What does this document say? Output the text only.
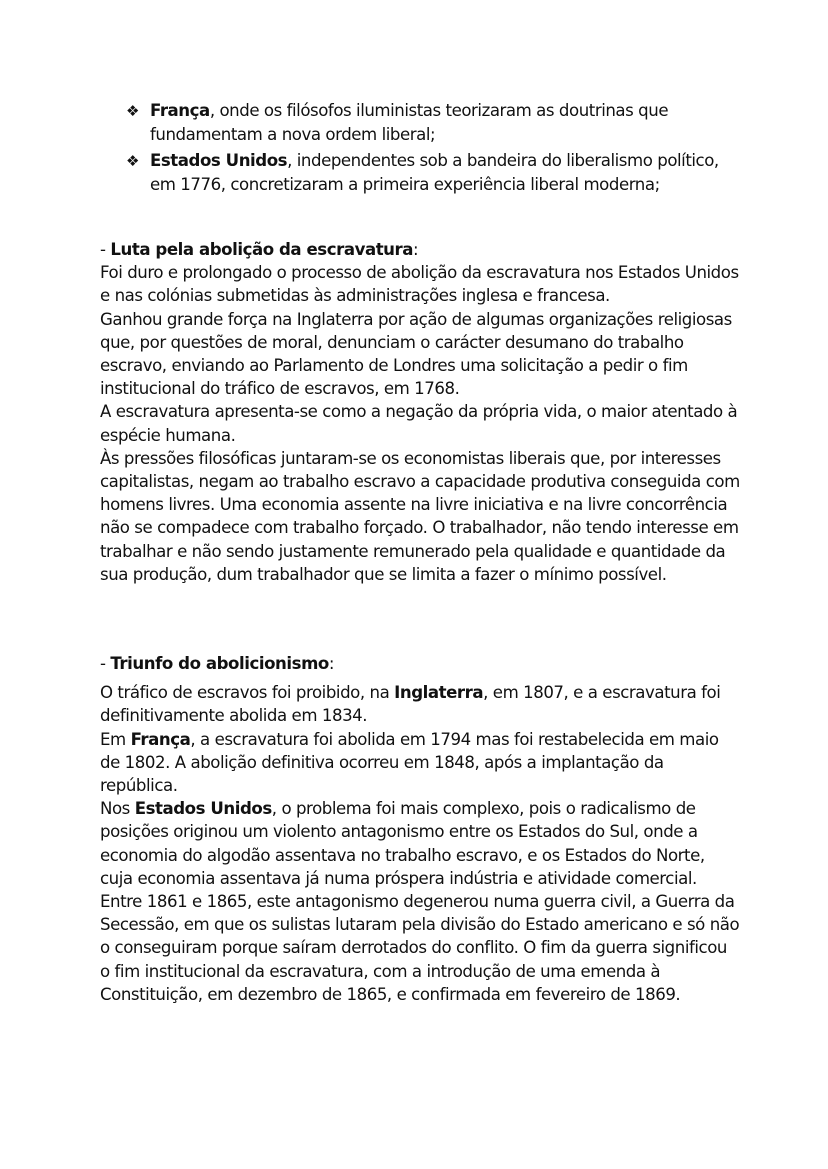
❖ França, onde os filósofos iluministas teorizaram as doutrinas que fundamentam a nova ordem liberal;
❖ Estados Unidos, independentes sob a bandeira do liberalismo político, em 1776, concretizaram a primeira experiência liberal moderna;

- Luta pela abolição da escravatura:

Foi duro e prolongado o processo de abolição da escravatura nos Estados Unidos e nas colónias submetidas às administrações inglesa e francesa.

Ganhou grande força na Inglaterra por ação de algumas organizações religiosas que, por questões de moral, denunciam o carácter desumano do trabalho escravo, enviando ao Parlamento de Londres uma solicitação a pedir o fim institucional do tráfico de escravos, em 1768.

A escravatura apresenta-se como a negação da própria vida, o maior atentado à espécie humana.

Às pressões filosóficas juntaram-se os economistas liberais que, por interesses capitalistas, negam ao trabalho escravo a capacidade produtiva conseguida com homens livres. Uma economia assente na livre iniciativa e na livre concorrência não se compadece com trabalho forçado. O trabalhador, não tendo interesse em trabalhar e não sendo justamente remunerado pela qualidade e quantidade da sua produção, dum trabalhador que se limita a fazer o mínimo possível.

- Triunfo do abolicionismo:

O tráfico de escravos foi proibido, na Inglaterra, em 1807, e a escravatura foi definitivamente abolida em 1834.

Em França, a escravatura foi abolida em 1794 mas foi restabelecida em maio de 1802. A abolição definitiva ocorreu em 1848, após a implantação da república.

Nos Estados Unidos, o problema foi mais complexo, pois o radicalismo de posições originou um violento antagonismo entre os Estados do Sul, onde a economia do algodão assentava no trabalho escravo, e os Estados do Norte, cuja economia assentava já numa próspera indústria e atividade comercial. Entre 1861 e 1865, este antagonismo degenerou numa guerra civil, a Guerra da Secessão, em que os sulistas lutaram pela divisão do Estado americano e só não o conseguiram porque saíram derrotados do conflito. O fim da guerra significou o fim institucional da escravatura, com a introdução de uma emenda à Constituição, em dezembro de 1865, e confirmada em fevereiro de 1869.
